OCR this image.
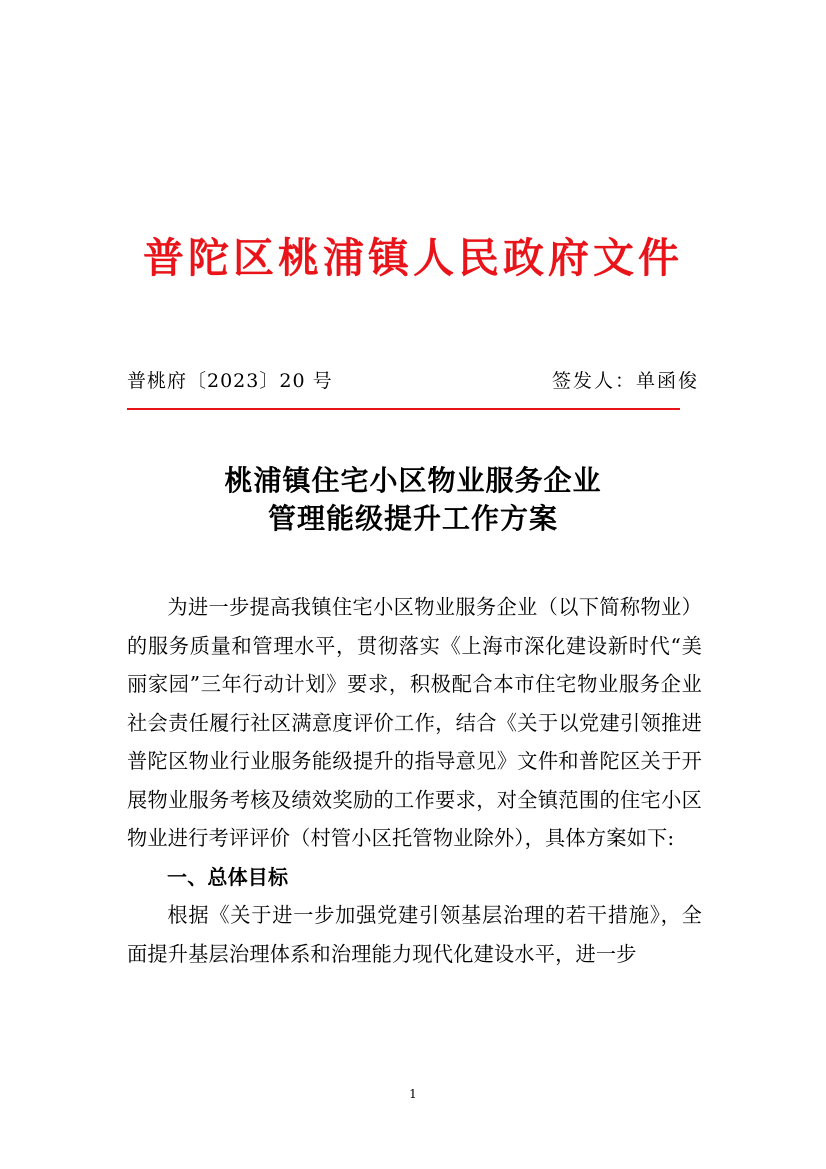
普陀区桃浦镇人民政府文件
普桃府〔2023〕20 号	签发人：单函俊
桃浦镇住宅小区物业服务企业
管理能级提升工作方案

为进一步提高我镇住宅小区物业服务企业（以下简称物业）的服务质量和管理水平，贯彻落实《上海市深化建设新时代“美丽家园”三年行动计划》要求，积极配合本市住宅物业服务企业社会责任履行社区满意度评价工作，结合《关于以党建引领推进普陀区物业行业服务能级提升的指导意见》文件和普陀区关于开展物业服务考核及绩效奖励的工作要求，对全镇范围的住宅小区物业进行考评评价（村管小区托管物业除外），具体方案如下:

一、总体目标

根据《关于进一步加强党建引领基层治理的若干措施》，全面提升基层治理体系和治理能力现代化建设水平，进一步

1
